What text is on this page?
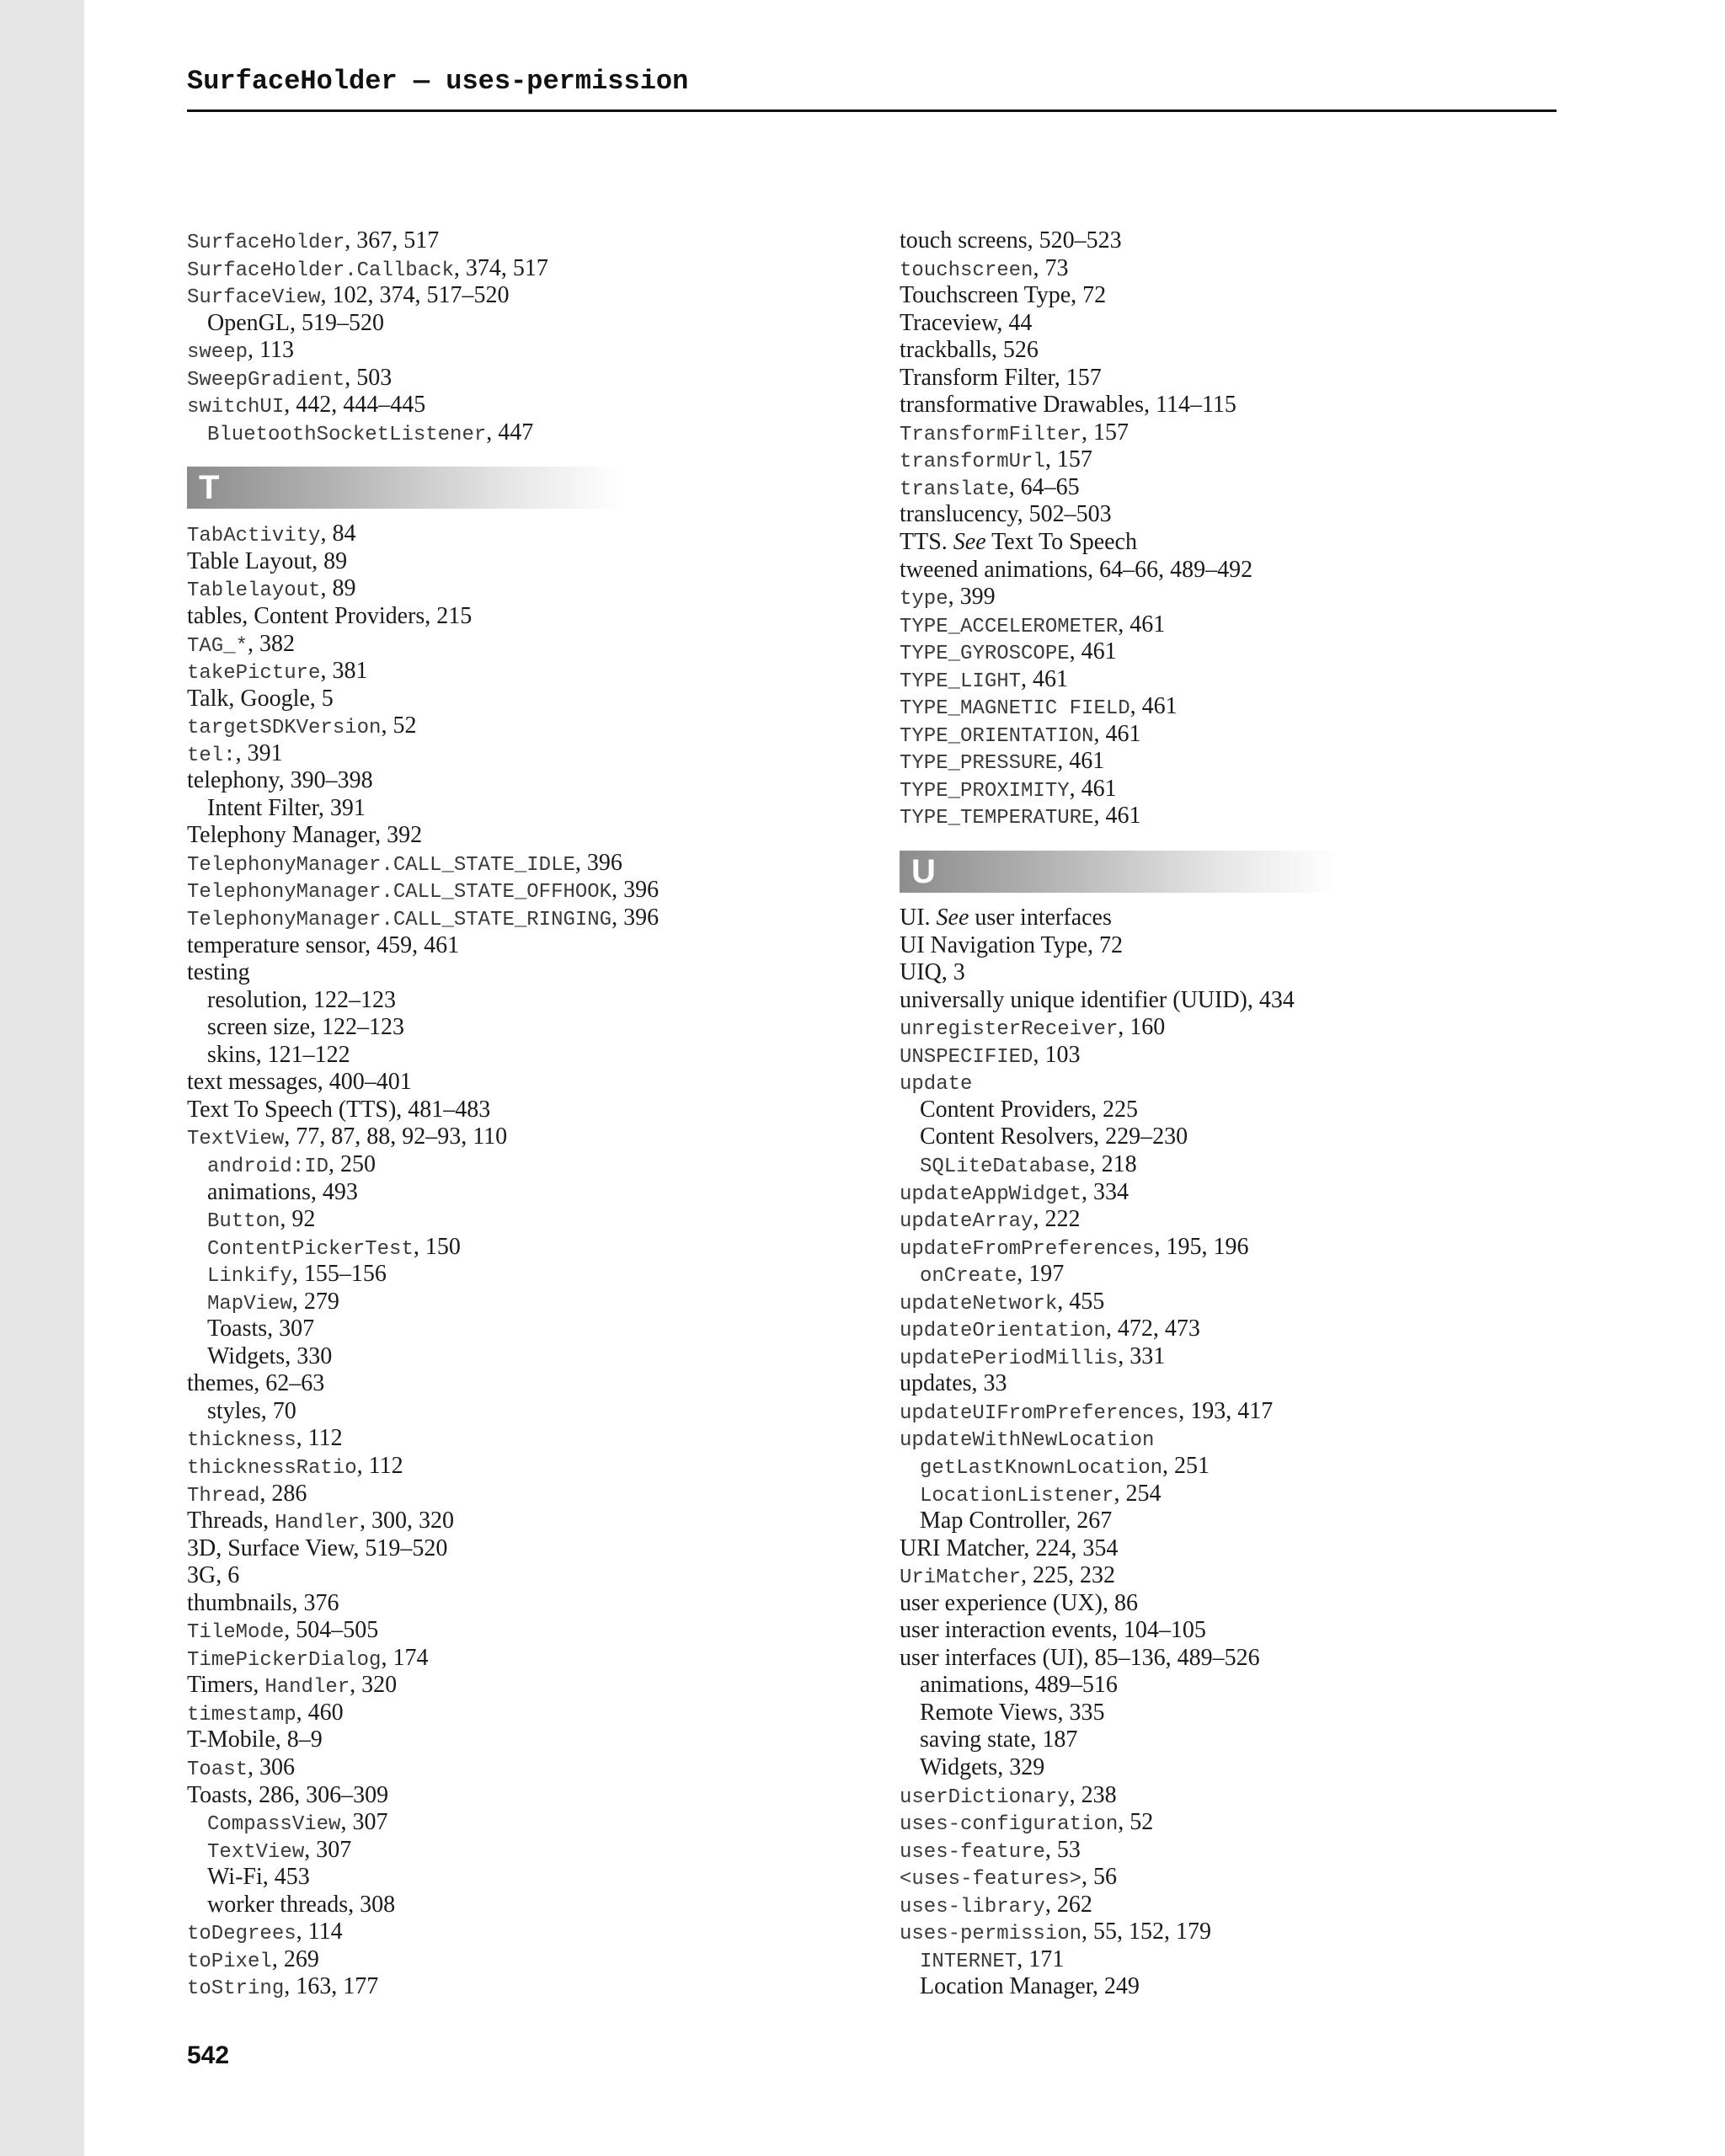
SurfaceHolder — uses-permission
SurfaceHolder, 367, 517
SurfaceHolder.Callback, 374, 517
SurfaceView, 102, 374, 517–520
OpenGL, 519–520
sweep, 113
SweepGradient, 503
switchUI, 442, 444–445
BluetoothSocketListener, 447
T
TabActivity, 84
Table Layout, 89
Tablelayout, 89
tables, Content Providers, 215
TAG_*, 382
takePicture, 381
Talk, Google, 5
targetSDKVersion, 52
tel:, 391
telephony, 390–398
Intent Filter, 391
Telephony Manager, 392
TelephonyManager.CALL_STATE_IDLE, 396
TelephonyManager.CALL_STATE_OFFHOOK, 396
TelephonyManager.CALL_STATE_RINGING, 396
temperature sensor, 459, 461
testing
resolution, 122–123
screen size, 122–123
skins, 121–122
text messages, 400–401
Text To Speech (TTS), 481–483
TextView, 77, 87, 88, 92–93, 110
android:ID, 250
animations, 493
Button, 92
ContentPickerTest, 150
Linkify, 155–156
MapView, 279
Toasts, 307
Widgets, 330
themes, 62–63
styles, 70
thickness, 112
thicknessRatio, 112
Thread, 286
Threads, Handler, 300, 320
3D, Surface View, 519–520
3G, 6
thumbnails, 376
TileMode, 504–505
TimePickerDialog, 174
Timers, Handler, 320
timestamp, 460
T-Mobile, 8–9
Toast, 306
Toasts, 286, 306–309
CompassView, 307
TextView, 307
Wi-Fi, 453
worker threads, 308
toDegrees, 114
toPixel, 269
toString, 163, 177
touch screens, 520–523
touchscreen, 73
Touchscreen Type, 72
Traceview, 44
trackballs, 526
Transform Filter, 157
transformative Drawables, 114–115
TransformFilter, 157
transformUrl, 157
translate, 64–65
translucency, 502–503
TTS. See Text To Speech
tweened animations, 64–66, 489–492
type, 399
TYPE_ACCELEROMETER, 461
TYPE_GYROSCOPE, 461
TYPE_LIGHT, 461
TYPE_MAGNETIC FIELD, 461
TYPE_ORIENTATION, 461
TYPE_PRESSURE, 461
TYPE_PROXIMITY, 461
TYPE_TEMPERATURE, 461
U
UI. See user interfaces
UI Navigation Type, 72
UIQ, 3
universally unique identifier (UUID), 434
unregisterReceiver, 160
UNSPECIFIED, 103
update
Content Providers, 225
Content Resolvers, 229–230
SQLiteDatabase, 218
updateAppWidget, 334
updateArray, 222
updateFromPreferences, 195, 196
onCreate, 197
updateNetwork, 455
updateOrientation, 472, 473
updatePeriodMillis, 331
updates, 33
updateUIFromPreferences, 193, 417
updateWithNewLocation
getLastKnownLocation, 251
LocationListener, 254
Map Controller, 267
URI Matcher, 224, 354
UriMatcher, 225, 232
user experience (UX), 86
user interaction events, 104–105
user interfaces (UI), 85–136, 489–526
animations, 489–516
Remote Views, 335
saving state, 187
Widgets, 329
userDictionary, 238
uses-configuration, 52
uses-feature, 53
<uses-features>, 56
uses-library, 262
uses-permission, 55, 152, 179
INTERNET, 171
Location Manager, 249
542
